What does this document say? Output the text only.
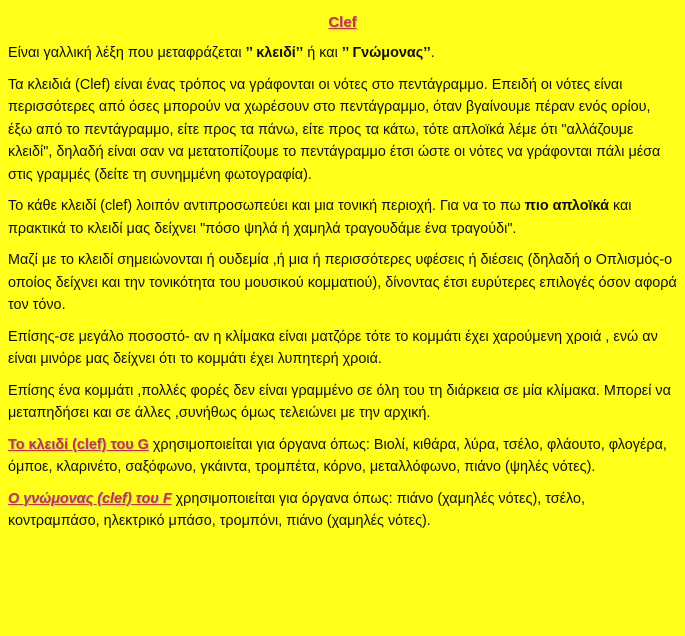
Clef

Είναι γαλλική λέξη που μεταφράζεται ’’ κλειδί’’ ή και ’’ Γνώμονας’’.

Τα κλειδιά (Clef) είναι ένας τρόπος να γράφονται οι νότες στο πεντάγραμμο. Επειδή οι νότες είναι περισσότερες από όσες μπορούν να χωρέσουν στο πεντάγραμμο, όταν βγαίνουμε πέραν ενός ορίου, έξω από το πεντάγραμμο, είτε προς τα πάνω, είτε προς τα κάτω, τότε απλοϊκά λέμε ότι "αλλάζουμε κλειδί", δηλαδή είναι σαν να μετατοπίζουμε το πεντάγραμμο έτσι ώστε οι νότες να γράφονται πάλι μέσα στις γραμμές (δείτε τη συνημμένη φωτογραφία).

Το κάθε κλειδί (clef) λοιπόν αντιπροσωπεύει και μια τονική περιοχή. Για να το πω πιο απλοϊκά και πρακτικά το κλειδί μας δείχνει "πόσο ψηλά ή χαμηλά τραγουδάμε ένα τραγούδι".

Μαζί με το κλειδί σημειώνονται ή ουδεμία ,ή μια ή περισσότερες υφέσεις ή διέσεις (δηλαδή ο Οπλισμός-ο οποίος δείχνει και την τονικότητα του μουσικού κομματιού), δίνοντας έτσι ευρύτερες επιλογές όσον αφορά τον τόνο.

Επίσης-σε μεγάλο ποσοστό- αν η κλίμακα είναι ματζόρε τότε το κομμάτι έχει χαρούμενη χροιά , ενώ αν είναι μινόρε μας δείχνει ότι το κομμάτι έχει λυπητερή χροιά.

Επίσης ένα κομμάτι ,πολλές φορές δεν είναι γραμμένο σε όλη του τη διάρκεια σε μία κλίμακα. Μπορεί να μεταπηδήσει και σε άλλες ,συνήθως όμως τελειώνει με την αρχική.

Το κλειδί (clef) του G χρησιμοποιείται για όργανα όπως: Βιολί, κιθάρα, λύρα, τσέλο, φλάουτο, φλογέρα, όμποε, κλαρινέτο, σαξόφωνο, γκάιντα, τρομπέτα, κόρνο, μεταλλόφωνο, πιάνο (ψηλές νότες).

Ο γνώμονας (clef) του F χρησιμοποιείται για όργανα όπως: πιάνο (χαμηλές νότες), τσέλο, κοντραμπάσο, ηλεκτρικό μπάσο, τρομπόνι, πιάνο (χαμηλές νότες).
